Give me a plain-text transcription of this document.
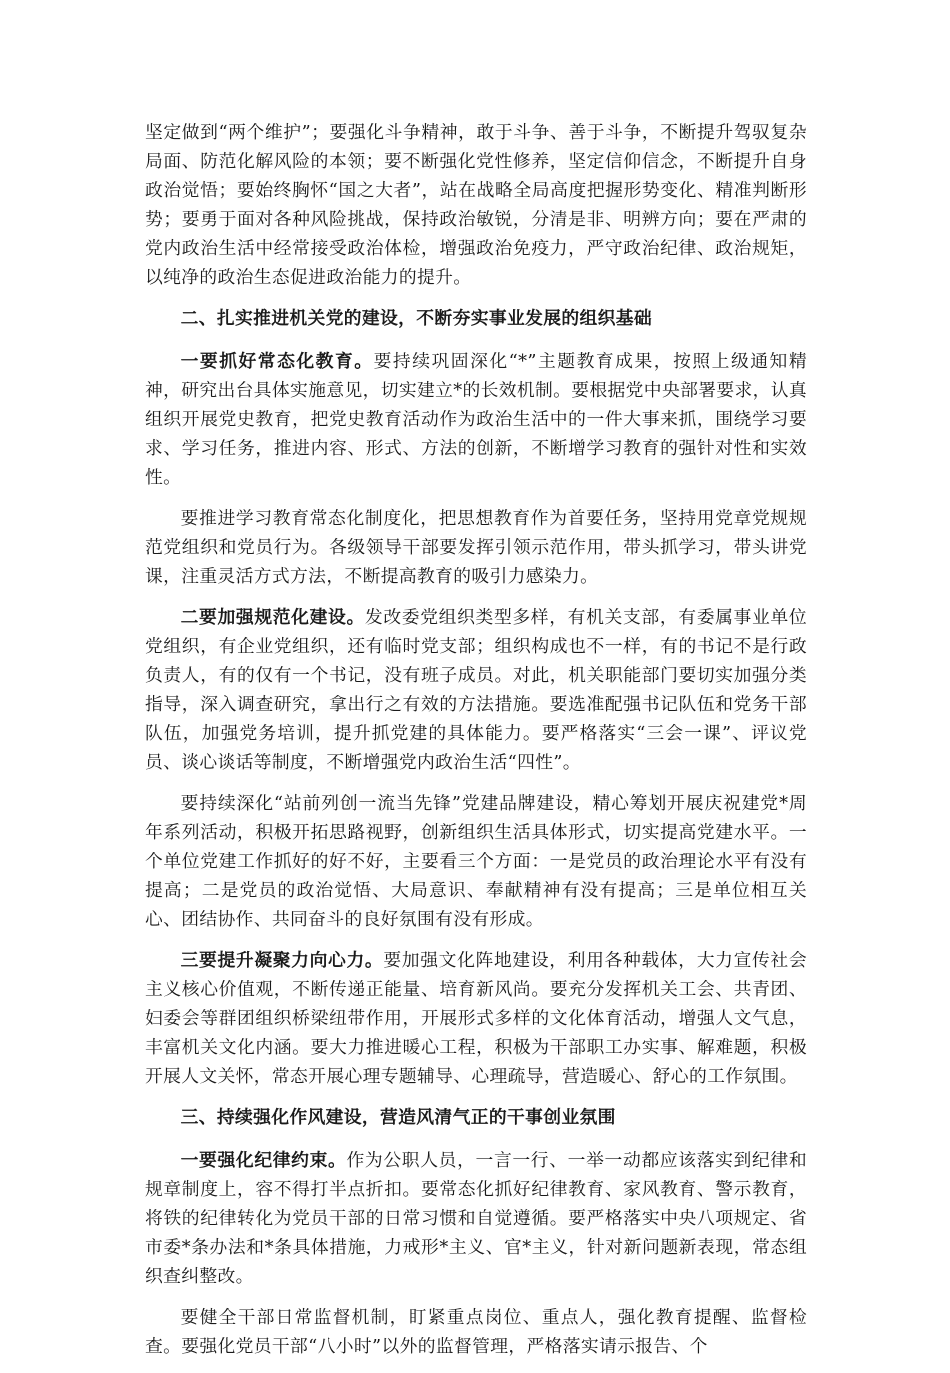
坚定做到“两个维护”；要强化斗争精神，敢于斗争、善于斗争，不断提升驾驭复杂局面、防范化解风险的本领；要不断强化党性修养，坚定信仰信念，不断提升自身政治觉悟；要始终胸怀“国之大者”，站在战略全局高度把握形势变化、精准判断形势；要勇于面对各种风险挑战，保持政治敏锐，分清是非、明辨方向；要在严肃的党内政治生活中经常接受政治体检，增强政治免疫力，严守政治纪律、政治规矩，以纯净的政治生态促进政治能力的提升。

二、扎实推进机关党的建设，不断夯实事业发展的组织基础

一要抓好常态化教育。要持续巩固深化“*”主题教育成果，按照上级通知精神，研究出台具体实施意见，切实建立*的长效机制。要根据党中央部署要求，认真组织开展党史教育，把党史教育活动作为政治生活中的一件大事来抓，围绕学习要求、学习任务，推进内容、形式、方法的创新，不断增学习教育的强针对性和实效性。

要推进学习教育常态化制度化，把思想教育作为首要任务，坚持用党章党规规范党组织和党员行为。各级领导干部要发挥引领示范作用，带头抓学习，带头讲党课，注重灵活方式方法，不断提高教育的吸引力感染力。

二要加强规范化建设。发改委党组织类型多样，有机关支部，有委属事业单位党组织，有企业党组织，还有临时党支部；组织构成也不一样，有的书记不是行政负责人，有的仅有一个书记，没有班子成员。对此，机关职能部门要切实加强分类指导，深入调查研究，拿出行之有效的方法措施。要选准配强书记队伍和党务干部队伍，加强党务培训，提升抓党建的具体能力。要严格落实“三会一课”、评议党员、谈心谈话等制度，不断增强党内政治生活“四性”。

要持续深化“站前列创一流当先锋”党建品牌建设，精心筹划开展庆祝建党*周年系列活动，积极开拓思路视野，创新组织生活具体形式，切实提高党建水平。一个单位党建工作抓好的好不好，主要看三个方面：一是党员的政治理论水平有没有提高；二是党员的政治觉悟、大局意识、奉献精神有没有提高；三是单位相互关心、团结协作、共同奋斗的良好氛围有没有形成。

三要提升凝聚力向心力。要加强文化阵地建设，利用各种载体，大力宣传社会主义核心价值观，不断传递正能量、培育新风尚。要充分发挥机关工会、共青团、妇委会等群团组织桥梁纽带作用，开展形式多样的文化体育活动，增强人文气息，丰富机关文化内涵。要大力推进暖心工程，积极为干部职工办实事、解难题，积极开展人文关怀，常态开展心理专题辅导、心理疏导，营造暖心、舒心的工作氛围。

三、持续强化作风建设，营造风清气正的干事创业氛围

一要强化纪律约束。作为公职人员，一言一行、一举一动都应该落实到纪律和规章制度上，容不得打半点折扣。要常态化抓好纪律教育、家风教育、警示教育，将铁的纪律转化为党员干部的日常习惯和自觉遵循。要严格落实中央八项规定、省市委*条办法和*条具体措施，力戒形*主义、官*主义，针对新问题新表现，常态组织查纠整改。

要健全干部日常监督机制，盯紧重点岗位、重点人，强化教育提醒、监督检查。要强化党员干部“八小时”以外的监督管理，严格落实请示报告、个
